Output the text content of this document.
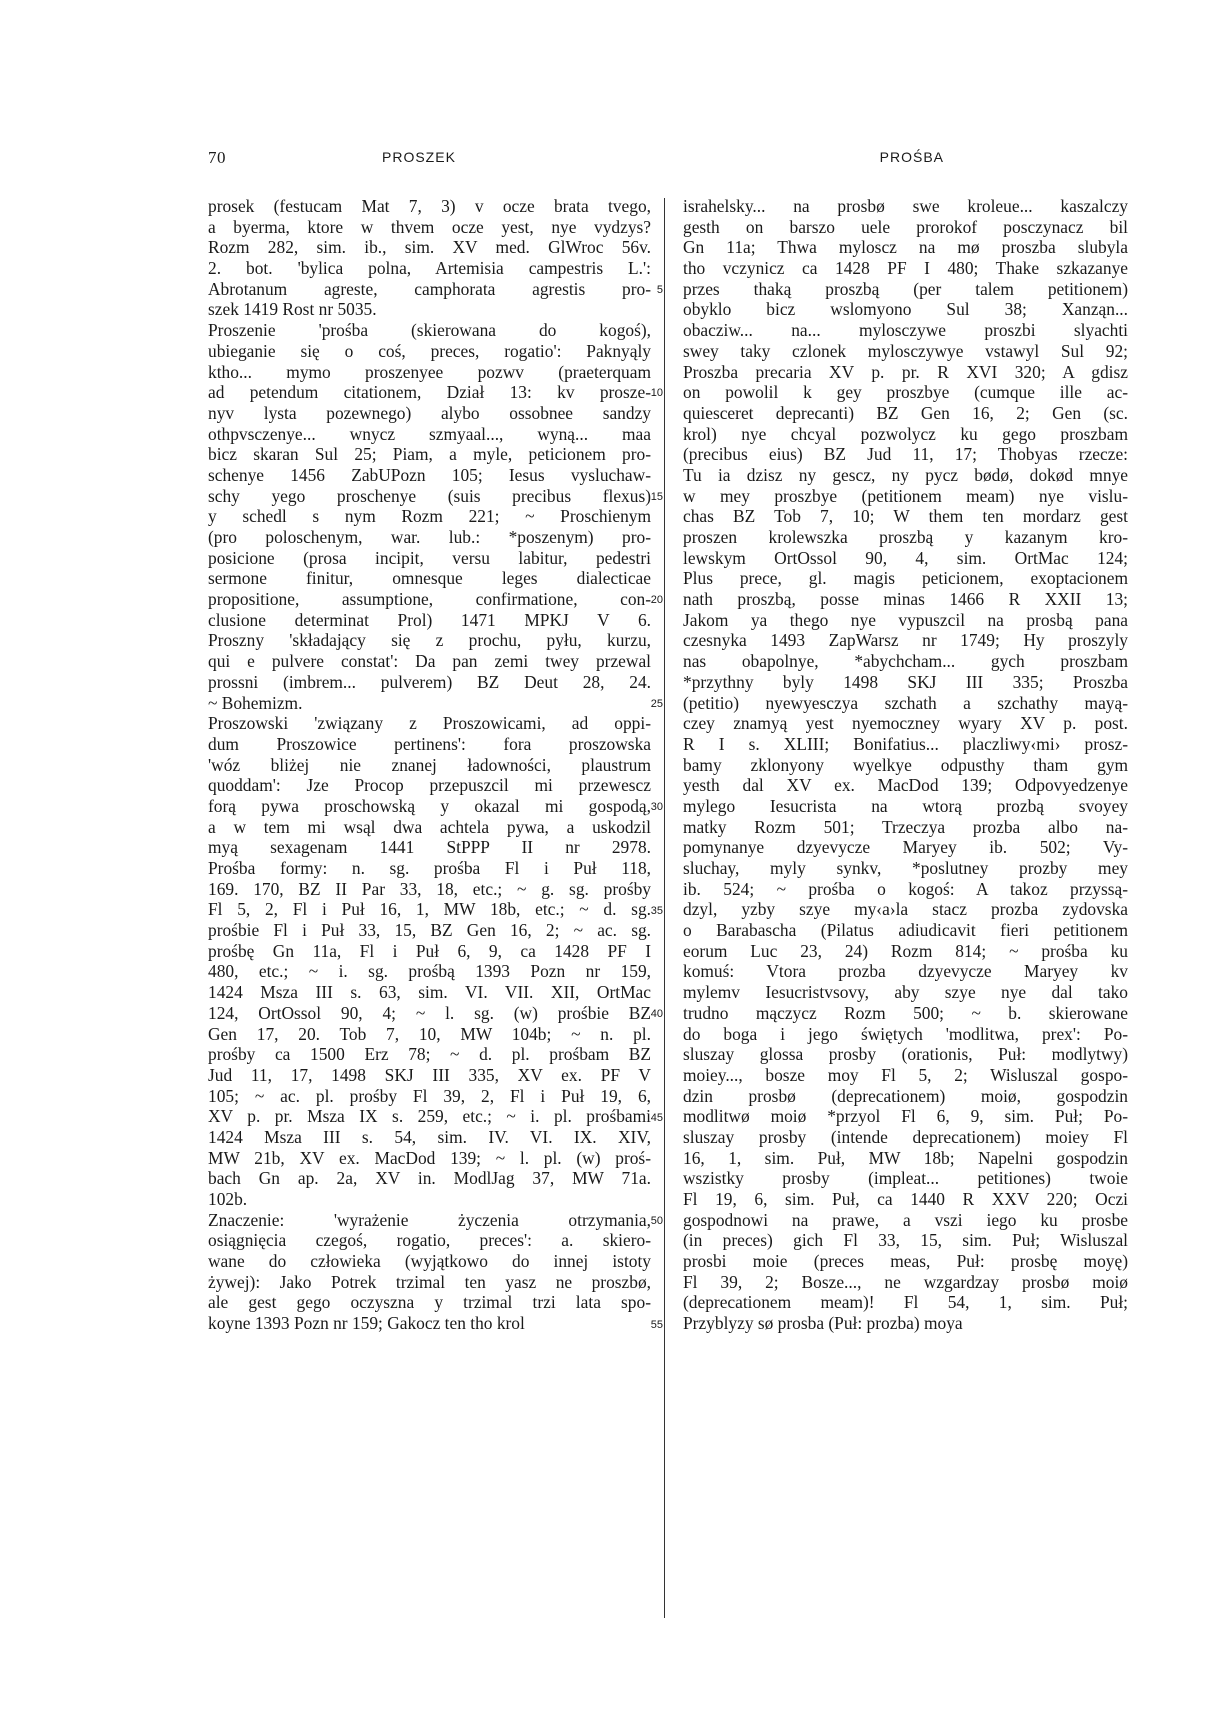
70	PROSZEK	PROŚBA
prosek (festucam Mat 7, 3) v ocze brata tvego,
a byerma, ktore w thvem ocze yest, nye vydzys?
Rozm 282, sim. ib., sim. XV med. GlWroc 56v.
2. bot. 'bylica polna, Artemisia campestris L.':
Abrotanum agreste, camphorata agrestis pro-
szek 1419 Rost nr 5035.
Proszenie 'prośba (skierowana do kogoś),
ubieganie się o coś, preces, rogatio': Paknyąly
ktho... mymo proszenyee pozwv (praeterquam
ad petendum citationem, Dział 13: kv prosze-
nyv lysta pozewnego) alybo ossobnee sandzy
othpvsczenye... wnycz szmyaal..., wyną... maa
bicz skaran Sul 25; Piam, a myle, peticionem pro-
schenye 1456 ZabUPozn 105; Iesus vysluchaw-
schy yego proschenye (suis precibus flexus)
y schedl s nym Rozm 221; ~ Proschienym
(pro poloschenym, war. lub.: *poszenym) pro-
posicione (prosa incipit, versu labitur, pedestri
sermone finitur, omnesque leges dialecticae
propositione, assumptione, confirmatione, con-
clusione determinat Prol) 1471 MPKJ V 6.
Proszny 'składający się z prochu, pyłu, kurzu,
qui e pulvere constat': Da pan zemi twey przewal
prossni (imbrem... pulverem) BZ Deut 28, 24.
~ Bohemizm.
Proszowski 'związany z Proszowicami, ad oppi-
dum Proszowice pertinens': fora proszowska
'wóz bliżej nie znanej ładowności, plaustrum
quoddam': Jze Procop przepuszcil mi przewescz
forą pywa proschowską y okazal mi gospodą,
a w tem mi wsąl dwa achtela pywa, a uskodzil
myą sexagenam 1441 StPPP II nr 2978.
Prośba formy: n. sg. prośba Fl i Puł 118,
169. 170, BZ II Par 33, 18, etc.; ~ g. sg. prośby
Fl 5, 2, Fl i Puł 16, 1, MW 18b, etc.; ~ d. sg.
prośbie Fl i Puł 33, 15, BZ Gen 16, 2; ~ ac. sg.
prośbę Gn 11a, Fl i Puł 6, 9, ca 1428 PF I
480, etc.; ~ i. sg. prośbą 1393 Pozn nr 159,
1424 Msza III s. 63, sim. VI. VII. XII, OrtMac
124, OrtOssol 90, 4; ~ l. sg. (w) prośbie BZ
Gen 17, 20. Tob 7, 10, MW 104b; ~ n. pl.
prośby ca 1500 Erz 78; ~ d. pl. prośbam BZ
Jud 11, 17, 1498 SKJ III 335, XV ex. PF V
105; ~ ac. pl. prośby Fl 39, 2, Fl i Puł 19, 6,
XV p. pr. Msza IX s. 259, etc.; ~ i. pl. prośbami
1424 Msza III s. 54, sim. IV. VI. IX. XIV,
MW 21b, XV ex. MacDod 139; ~ l. pl. (w) proś-
bach Gn ap. 2a, XV in. ModlJag 37, MW 71a.
102b.
Znaczenie: 'wyrażenie życzenia otrzymania,
osiągnięcia czegoś, rogatio, preces': a. skiero-
wane do człowieka (wyjątkowo do innej istoty
żywej): Jako Potrek trzimal ten yasz ne proszbø,
ale gest gego oczyszna y trzimal trzi lata spo-
koyne 1393 Pozn nr 159; Gakocz ten tho krol
5
10
15
20
25
30
35
40
45
50
55
israhelsky... na prosbø swe kroleue... kaszalczy
gesth on barszo uele prorokof posczynacz bil
Gn 11a; Thwa myloscz na mø proszba slubyla
tho vczynicz ca 1428 PF I 480; Thake szkazanye
przes thaką proszbą (per talem petitionem)
obyklo bicz wslomyono Sul 38; Xanząn...
obacziw... na... mylosczywe proszbi slyachti
swey taky czlonek mylosczywye vstawyl Sul 92;
Proszba precaria XV p. pr. R XVI 320; A gdisz
on powolil k gey proszbye (cumque ille ac-
quiesceret deprecanti) BZ Gen 16, 2; Gen (sc.
krol) nye chcyal pozwolycz ku gego proszbam
(precibus eius) BZ Jud 11, 17; Thobyas rzecze:
Tu ia dzisz ny gescz, ny pycz bødø, dokød mnye
w mey proszbye (petitionem meam) nye vislu-
chas BZ Tob 7, 10; W them ten mordarz gest
proszen krolewszka proszbą y kazanym kro-
lewskym OrtOssol 90, 4, sim. OrtMac 124;
Plus prece, gl. magis peticionem, exoptacionem
nath proszbą, posse minas 1466 R XXII 13;
Jakom ya thego nye vypuszcil na prosbą pana
czesnyka 1493 ZapWarsz nr 1749; Hy proszyly
nas obapolnye, *abychcham... gych proszbam
*przythny byly 1498 SKJ III 335; Proszba
(petitio) nyewyesczya szchath a szchathy mayą-
czey znamyą yest nyemoczney wyary XV p. post.
R I s. XLIII; Bonifatius... placzliwy‹mi› prosz-
bamy zklonyony wyelkye odpusthy tham gym
yesth dal XV ex. MacDod 139; Odpovyedzenye
mylego Iesucrista na wtorą prozbą svoyey
matky Rozm 501; Trzeczya prozba albo na-
pomynanye dzyevycze Maryey ib. 502; Vy-
sluchay, myly synkv, *poslutney prozby mey
ib. 524; ~ prośba o kogoś: A takoz przyssą-
dzyl, yzby szye my‹a›la stacz prozba zydovska
o Barabascha (Pilatus adiudicavit fieri petitionem
eorum Luc 23, 24) Rozm 814; ~ prośba ku
komuś: Vtora prozba dzyevycze Maryey kv
mylemv Iesucristvsovy, aby szye nye dal tako
trudno mączycz Rozm 500; ~ b. skierowane
do boga i jego świętych 'modlitwa, prex': Po-
sluszay glossa prosby (orationis, Puł: modlytwy)
moiey..., bosze moy Fl 5, 2; Wisluszal gospo-
dzin prosbø (deprecationem) moiø, gospodzin
modlitwø moiø *przyol Fl 6, 9, sim. Puł; Po-
sluszay prosby (intende deprecationem) moiey Fl
16, 1, sim. Puł, MW 18b; Napelni gospodzin
wszistky prosby (impleat... petitiones) twoie
Fl 19, 6, sim. Puł, ca 1440 R XXV 220; Oczi
gospodnowi na prawe, a vszi iego ku prosbe
(in preces) gich Fl 33, 15, sim. Puł; Wisluszal
prosbi moie (preces meas, Puł: prosbę moyę)
Fl 39, 2; Bosze..., ne wzgardzay prosbø moiø
(deprecationem meam)! Fl 54, 1, sim. Puł;
Przyblyzy sø prosba (Puł: prozba) moya
